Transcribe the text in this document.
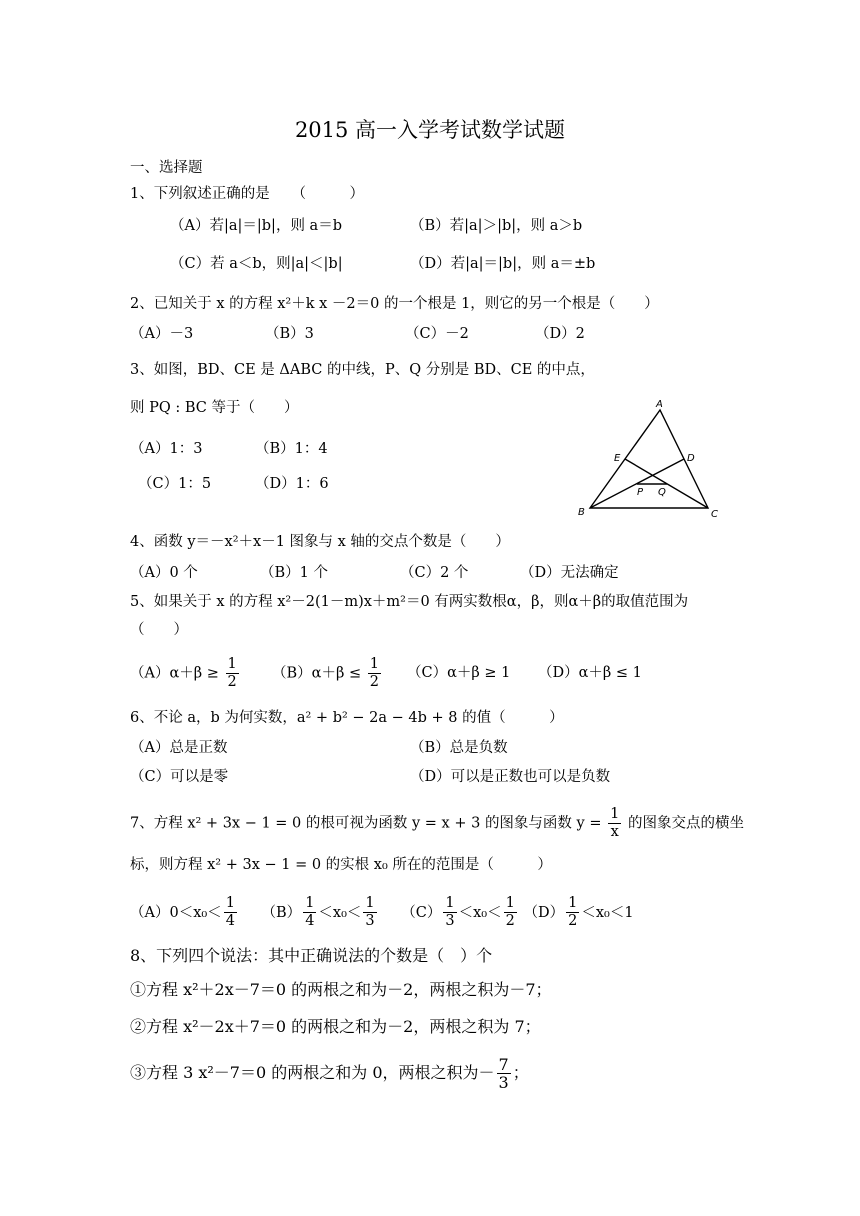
2015 高一入学考试数学试题
一、选择题
1、下列叙述正确的是　　（　　　）
（A）若|a|＝|b|，则 a＝b	（B）若|a|＞|b|，则 a＞b
（C）若 a＜b，则|a|＜|b|	（D）若|a|＝|b|，则 a＝±b
2、已知关于 x 的方程 x²＋k x －2＝0 的一个根是 1，则它的另一个根是（　　）
（A）－3	（B）3	（C）－2	（D）2
3、如图，BD、CE 是 ΔABC 的中线，P、Q 分别是 BD、CE 的中点，
则 PQ : BC 等于（　　）
（A）1：3	（B）1：4
（C）1：5	（D）1：6
A
B	C
D
E
P Q
4、函数 y＝－x²＋x－1 图象与 x 轴的交点个数是（　　）
（A）0 个	（B）1 个	（C）2 个	（D）无法确定
5、如果关于 x 的方程 x²－2(1－m)x＋m²＝0 有两实数根α，β，则α＋β的取值范围为
（　　）
$(A)\alpha+\beta \ge \frac{1}{2} (B)\alpha+\beta \le \frac{1}{2} (C)\alpha+\beta \ge 1$ （D）α＋β ≤ 1
6、不论 a，b 为何实数，a² + b² − 2a − 4b + 8 的值（　　　）
（A）总是正数	（B）总是负数
（C）可以是零	（D）可以是正数也可以是负数
7、方程 x² + 3x − 1 = 0 的根可视为函数 y = x + 3 的图象与函数 $y = \frac{1}{x}$ 的图象交点的横坐
标，则方程 x² + 3x − 1 = 0 的实根 x₀ 所在的范围是（　　　）
$(A)0<x_0< \frac{1}{4} (B) \frac{1}{4} <x_0< \frac{1}{3} (C) \frac{1}{3} <x_0< \frac{1}{2} (D) \frac{1}{2} <x_0<1$
8、下列四个说法：其中正确说法的个数是（　）个
①方程 x²＋2x－7＝0 的两根之和为－2，两根之积为－7；
②方程 x²－2x＋7＝0 的两根之和为－2，两根之积为 7；
③方程 3 x²－7＝0 的两根之和为 0，两根之积为－ $\frac{7}{3}$ ；
